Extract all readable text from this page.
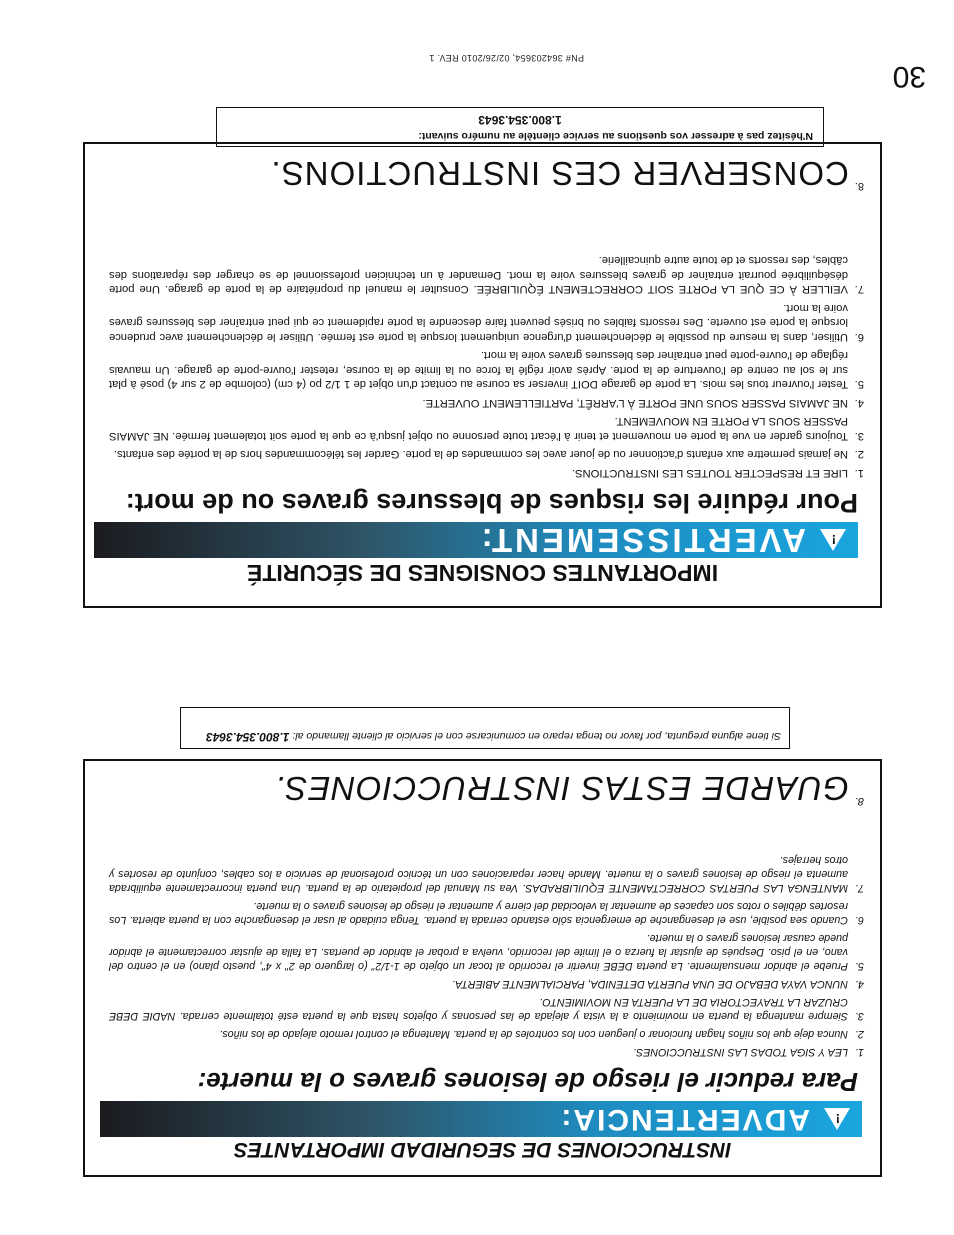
30
PN# 364203654, 02/26/2010 REV. 1
N'hésitez pas à adresser vos questions au service clientèle au numéro suivant:
1.800.354.3643
IMPORTANTES CONSIGNES DE SÉCURITÉ
!
AVERTISSEMENT:
Pour réduire les risques de blessures graves ou de mort:
1.
LIRE ET RESPECTER TOUTES LES INSTRUCTIONS.
2.
Ne jamais permettre aux enfants d'actionner ou de jouer avec les commandes de la porte. Garder les télécommandes hors de la portée des enfants.
3.
Toujours garder en vue la porte en mouvement et tenir à l'écart toute personne ou objet jusqu'à ce que la porte soit totalement fermée. NE JAMAIS PASSER SOUS LA PORTE EN MOUVEMENT.
4.
NE JAMAIS PASSER SOUS UNE PORTE À L'ARRÊT, PARTIELLEMENT OUVERTE.
5.
Tester l'ouvreur tous les mois. La porte de garage DOIT inverser sa course au contact d'un objet de 1 1/2 po (4 cm) (colombe de 2 sur 4) posé à plat sur le sol au centre de l'ouverture de la porte. Après avoir réglé la force ou la limite de la course, retester l'ouvre-porte de garage. Un mauvais réglage de l'ouvre-porte peut entraîner des blessures graves voire la mort.
6.
Utiliser, dans la mesure du possible le déclenchement d'urgence uniquement lorsque la porte est fermée. Utiliser le déclenchement avec prudence lorsque la porte est ouverte. Des ressorts faibles ou brisés peuvent faire descendre la porte rapidement ce qui peut entraîner des blessures graves voire la mort.
7.
VEILLER À CE QUE LA PORTE SOIT CORRECTEMENT ÉQUILIBRÉE. Consulter le manuel du propriétaire de la porte de garage. Une porte déséquilibrée pourrait entraîner de graves blessures voire la mort. Demander à un technicien professionnel de se charger des réparations des câbles, des ressorts et de toute autre quincaillerie.
$^{8.}$CONSERVER CES INSTRUCTIONS.
Si tiene alguna pregunta, por favor no tenga reparo en comunicarse con el servicio al cliente llamando al: 1.800.354.3643
INSTRUCCIONES DE SEGURIDAD IMPORTANTES
!
ADVERTENCIA:
Para reducir el riesgo de lesiones graves o la muerte:
1.
LEA Y SIGA TODAS LAS INSTRUCCIONES.
2.
Nunca deje que los niños hagan funcionar o jueguen con los controles de la puerta. Mantenga el control remoto alejado de los niños.
3.
Siempre mantenga la puerta en movimiento a la vista y alejada de las personas y objetos hasta que la puerta esté totalmente cerrada. NADIE DEBE CRUZAR LA TRAYECTORIA DE LA PUERTA EN MOVIMIENTO.
4.
NUNCA VAYA DEBAJO DE UNA PUERTA DETENIDA, PARCIALMENTE ABIERTA.
5.
Pruebe el abridor mensualmente. La puerta DEBE invertir el recorrido al tocar un objeto de 1-1/2" (o larguero de 2" x 4", puesto plano) en el centro del vano, en el piso. Después de ajustar la fuerza o el límite del recorrido, vuelva a probar el abridor de puertas. La falla de ajustar correctamente el abridor puede causar lesiones graves o la muerte.
6.
Cuando sea posible, use el desenganche de emergencia sólo estando cerrada la puerta. Tenga cuidado al usar el desenganche con la puerta abierta. Los resortes débiles o rotos son capaces de aumentar la velocidad del cierre y aumentar el riesgo de lesiones graves o la muerte.
7.
MANTENGA LAS PUERTAS CORRECTAMENTE EQUILIBRADAS. Vea su Manual del propietario de la puerta. Una puerta incorrectamente equilibrada aumenta el riesgo de lesiones graves o la muerte. Mande hacer reparaciones con un técnico profesional de servicio a los cables, conjunto de resortes y otros herrajes.
$^{8.}$GUARDE ESTAS INSTRUCCIONES.
